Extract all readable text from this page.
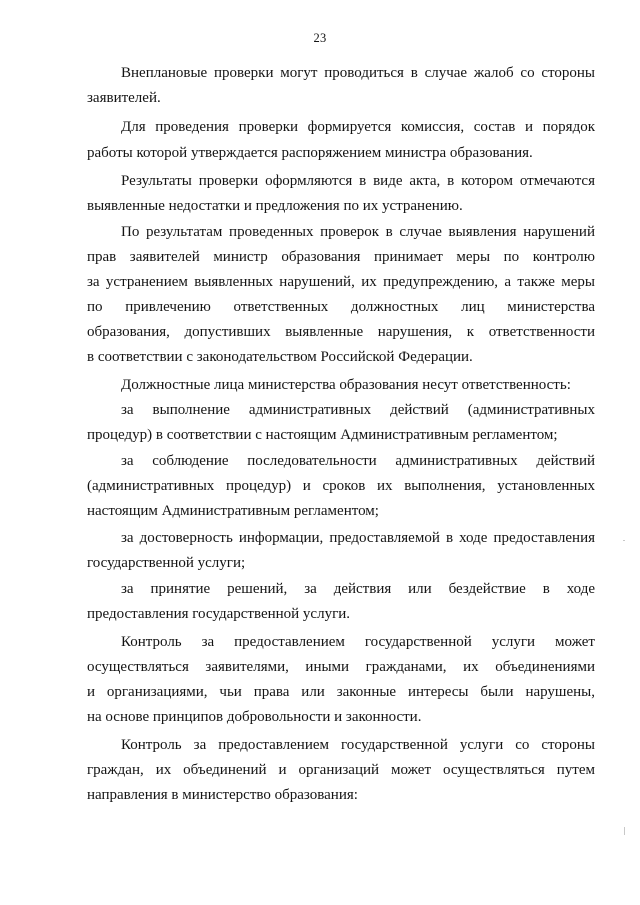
23
Внеплановые проверки могут проводиться в случае жалоб со стороны
заявителей.
Для проведения проверки формируется комиссия, состав и порядок
работы которой утверждается распоряжением министра образования.
Результаты проверки оформляются в виде акта, в котором отмечаются
выявленные недостатки и предложения по их устранению.
По результатам проведенных проверок в случае выявления нарушений
прав заявителей министр образования принимает меры по контролю
за устранением выявленных нарушений, их предупреждению, а также меры
по привлечению ответственных должностных лиц министерства
образования, допустивших выявленные нарушения, к ответственности
в соответствии с законодательством Российской Федерации.
Должностные лица министерства образования несут ответственность:
за выполнение административных действий (административных
процедур) в соответствии с настоящим Административным регламентом;
за соблюдение последовательности административных действий
(административных процедур) и сроков их выполнения, установленных
настоящим Административным регламентом;
за достоверность информации, предоставляемой в ходе предоставления
государственной услуги;
за принятие решений, за действия или бездействие в ходе
предоставления государственной услуги.
Контроль за предоставлением государственной услуги может
осуществляться заявителями, иными гражданами, их объединениями
и организациями, чьи права или законные интересы были нарушены,
на основе принципов добровольности и законности.
Контроль за предоставлением государственной услуги со стороны
граждан, их объединений и организаций может осуществляться путем
направления в министерство образования:
